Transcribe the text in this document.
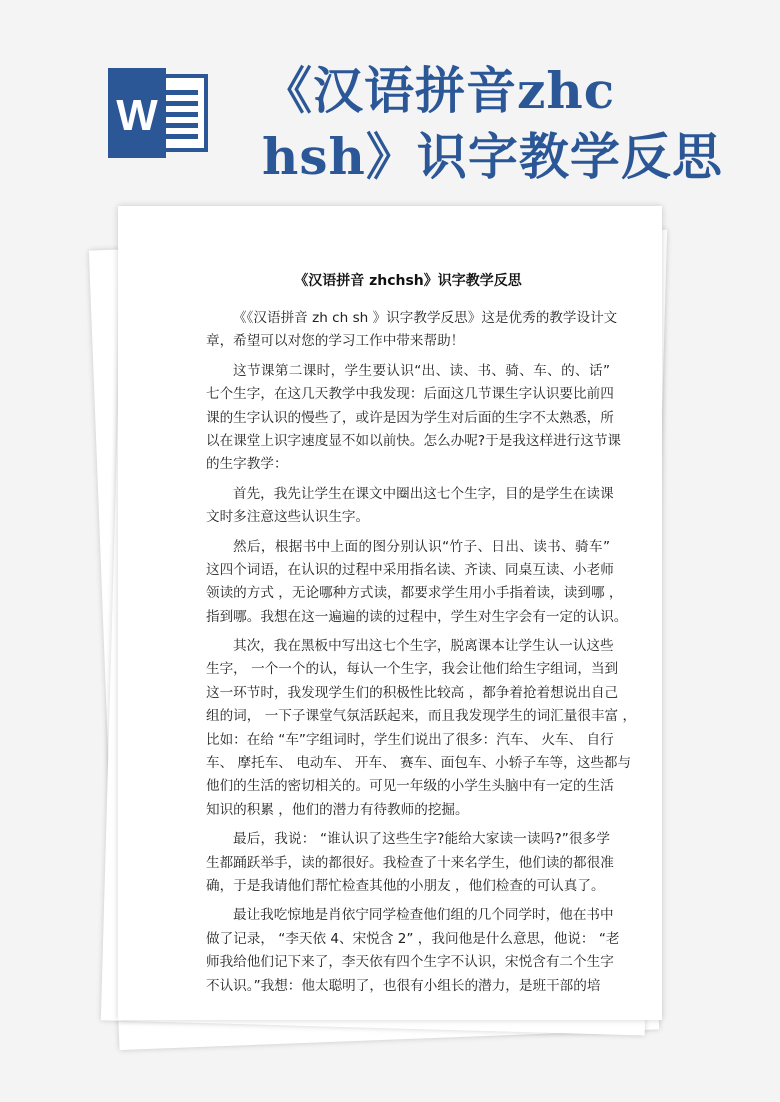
W 《汉语拼音zhc
hsh》识字教学反思
《汉语拼音 zhchsh》识字教学反思
《《汉语拼音 zh ch sh 》识字教学反思》这是优秀的教学设计文
章，希望可以对您的学习工作中带来帮助！
这节课第二课时，学生要认识“出、读、书、骑、车、的、话”
七个生字，在这几天教学中我发现：后面这几节课生字认识要比前四
课的生字认识的慢些了，或许是因为学生对后面的生字不太熟悉，所
以在课堂上识字速度显不如以前快。怎么办呢?于是我这样进行这节课
的生字教学：
首先，我先让学生在课文中圈出这七个生字，目的是学生在读课
文时多注意这些认识生字。
然后，根据书中上面的图分别认识“竹子、日出、读书、骑车”
这四个词语，在认识的过程中采用指名读、齐读、同桌互读、小老师
领读的方式 ，无论哪种方式读，都要求学生用小手指着读，读到哪 ，
指到哪。我想在这一遍遍的读的过程中，学生对生字会有一定的认识。
其次，我在黑板中写出这七个生字，脱离课本让学生认一认这些
生字， 一个一个的认，每认一个生字，我会让他们给生字组词，当到
这一环节时，我发现学生们的积极性比较高 ，都争着抢着想说出自己
组的词， 一下子课堂气氛活跃起来，而且我发现学生的词汇量很丰富 ，
比如：在给 “车”字组词时，学生们说出了很多：汽车、 火车、 自行
车、 摩托车、 电动车、 开车、 赛车、面包车、小轿子车等，这些都与
他们的生活的密切相关的。可见一年级的小学生头脑中有一定的生活
知识的积累 ，他们的潜力有待教师的挖掘。
最后，我说： “谁认识了这些生字?能给大家读一读吗?”很多学
生都踊跃举手，读的都很好。我检查了十来名学生，他们读的都很准
确，于是我请他们帮忙检查其他的小朋友 ，他们检查的可认真了。
最让我吃惊地是肖依宁同学检查他们组的几个同学时，他在书中
做了记录， “李天依 4、宋悦含 2” ，我问他是什么意思，他说： “老
师我给他们记下来了，李天依有四个生字不认识，宋悦含有二个生字
不认识。”我想：他太聪明了，也很有小组长的潜力，是班干部的培
